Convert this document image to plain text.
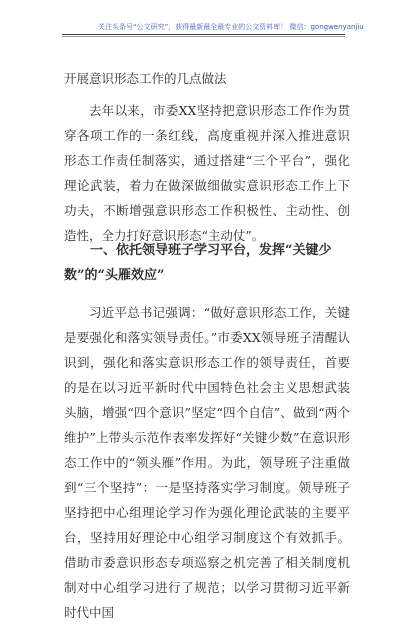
关注头条号“公文研究”，获得最新最全最专业的公文资料库！ 微信：gongwenyanjiu
开展意识形态工作的几点做法

去年以来，市委XX坚持把意识形态工作作为贯穿各项工作的一条红线，高度重视并深入推进意识形态工作责任制落实，通过搭建“三个平台”，强化理论武装，着力在做深做细做实意识形态工作上下功夫，不断增强意识形态工作积极性、主动性、创造性，全力打好意识形态“主动仗”。

一、依托领导班子学习平台，发挥“关键少数”的“头雁效应”

习近平总书记强调：“做好意识形态工作，关键是要强化和落实领导责任。”市委XX领导班子清醒认识到，强化和落实意识形态工作的领导责任，首要的是在以习近平新时代中国特色社会主义思想武装头脑，增强“四个意识”坚定“四个自信”、做到“两个维护”上带头示范作表率发挥好“关键少数”在意识形态工作中的“领头雁”作用。为此，领导班子注重做到“三个坚持”：一是坚持落实学习制度。领导班子坚持把中心组理论学习作为强化理论武装的主要平台，坚持用好理论中心组学习制度这个有效抓手。借助市委意识形态专项巡察之机完善了相关制度机制对中心组学习进行了规范；以学习贯彻习近平新时代中国
